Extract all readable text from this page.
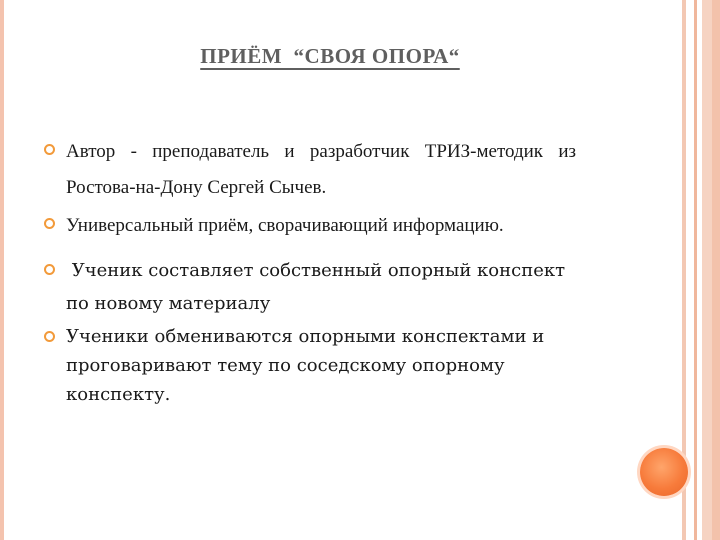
ПРИЁМ  “СВОЯ ОПОРА“
Автор - преподаватель и разработчик ТРИЗ-методик из Ростова-на-Дону Сергей Сычев.
Универсальный приём, сворачивающий информацию.
Ученик составляет собственный опорный конспект по новому материалу
Ученики обмениваются опорными конспектами и проговаривают тему по соседскому опорному конспекту.
